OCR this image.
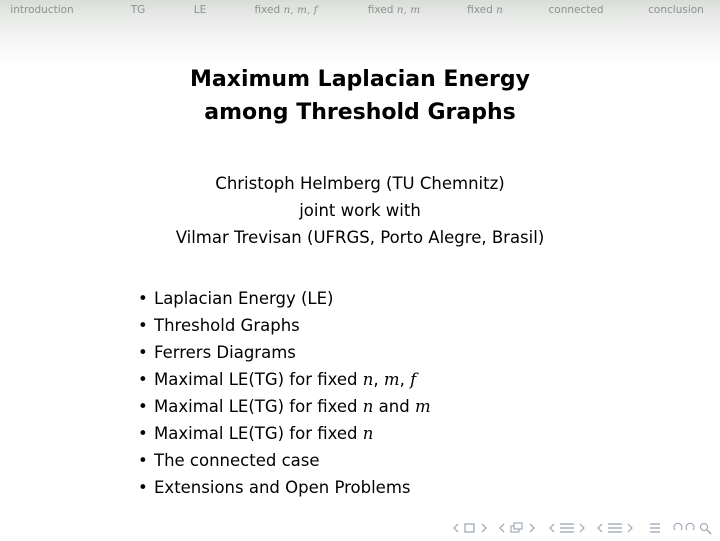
introduction	TG	LE	fixed n, m, f	fixed n, m	fixed n	connected	conclusion
Maximum Laplacian Energy
among Threshold Graphs
Christoph Helmberg (TU Chemnitz)
joint work with
Vilmar Trevisan (UFRGS, Porto Alegre, Brasil)
• Laplacian Energy (LE)
• Threshold Graphs
• Ferrers Diagrams
• Maximal LE(TG) for fixed n, m, f
• Maximal LE(TG) for fixed n and m
• Maximal LE(TG) for fixed n
• The connected case
• Extensions and Open Problems
